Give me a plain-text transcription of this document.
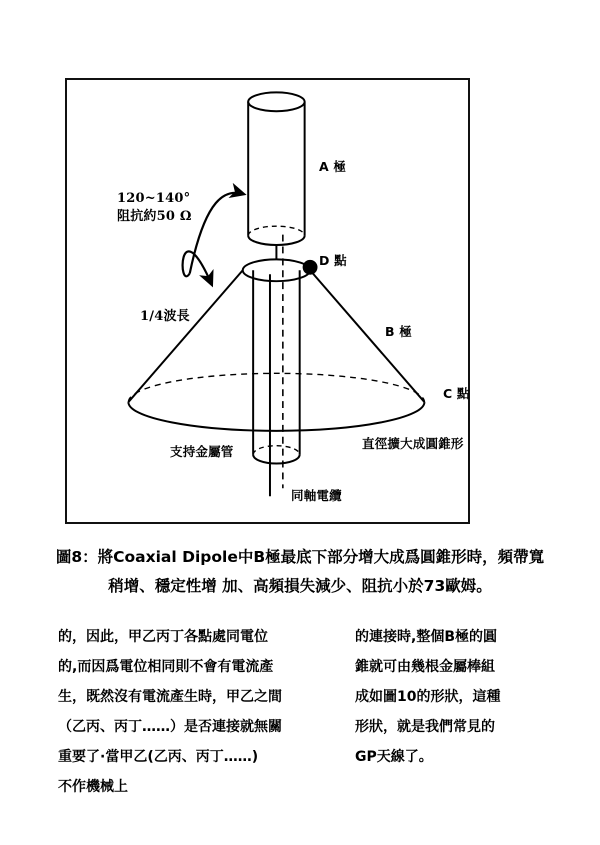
120~140°
阻抗約50 Ω
A 極
D 點
1/4波長
B 極
C 點
支持金屬管
直徑擴大成圓錐形
同軸電纜
圖8：將Coaxial Dipole中B極最底下部分增大成爲圓錐形時，頻帶寬
稍增、穩定性增 加、高頻損失減少、阻抗小於73歐姆。
的，因此，甲乙丙丁各點處同電位
的,而因爲電位相同則不會有電流產
生，既然沒有電流產生時，甲乙之間
（乙丙、丙丁……）是否連接就無關
重要了·當甲乙(乙丙、丙丁……)
不作機械上
的連接時,整個B極的圓
錐就可由幾根金屬棒組
成如圖10的形狀，這種
形狀，就是我們常見的
GP天線了。
